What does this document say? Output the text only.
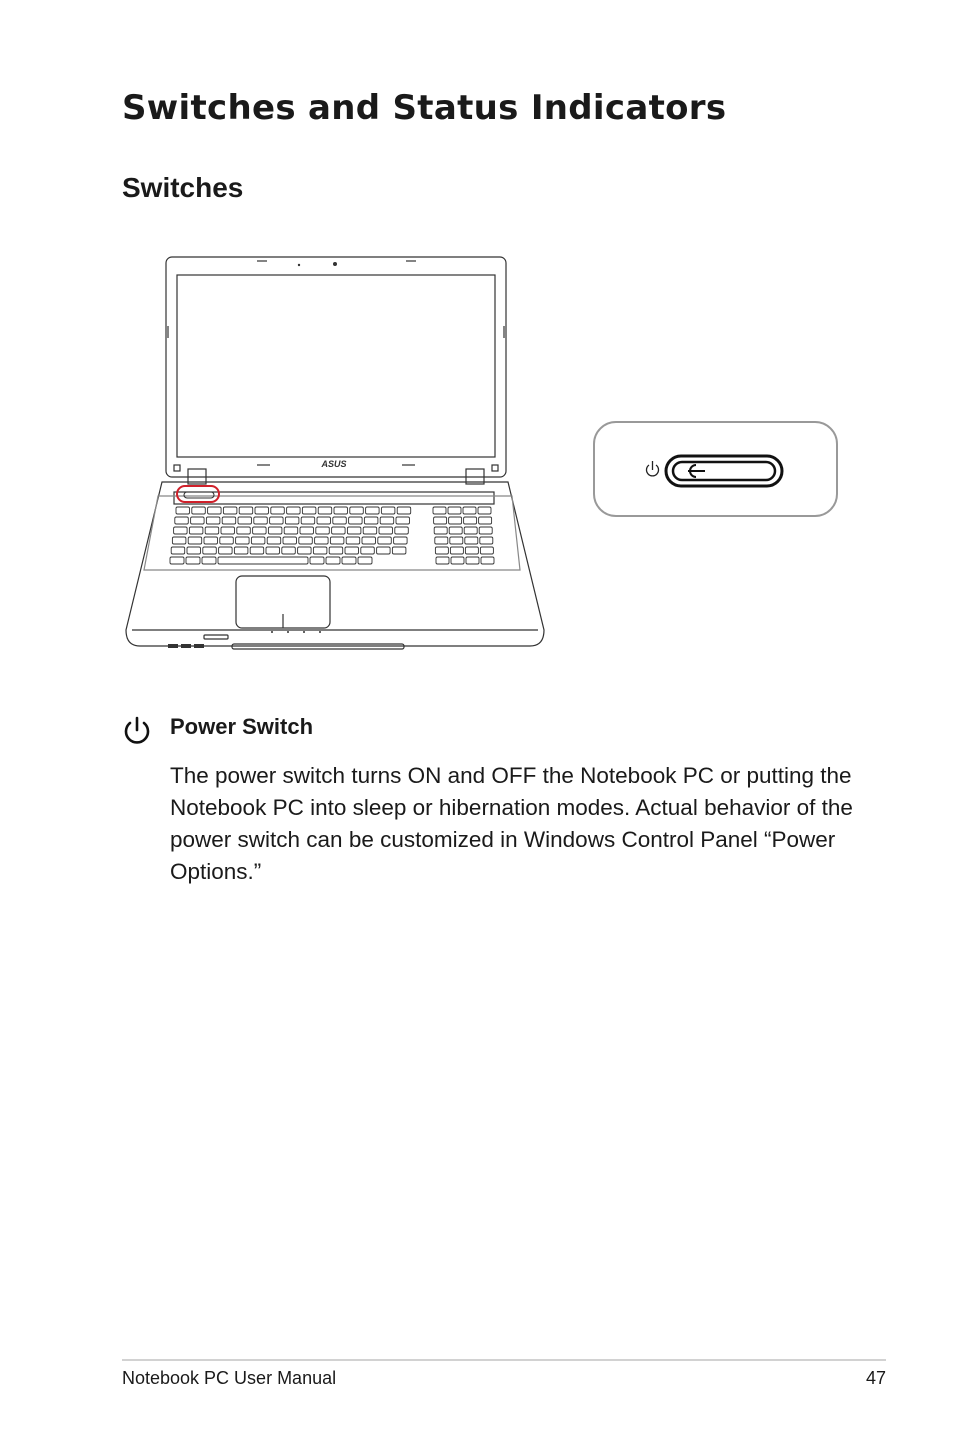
Switches and Status Indicators
Switches
ASUS
Power Switch

The power switch turns ON and OFF the Notebook PC or putting the Notebook PC into sleep or hibernation modes. Actual behavior of the power switch can be customized in Windows Control Panel “Power Options.”

Notebook PC User Manual	47
